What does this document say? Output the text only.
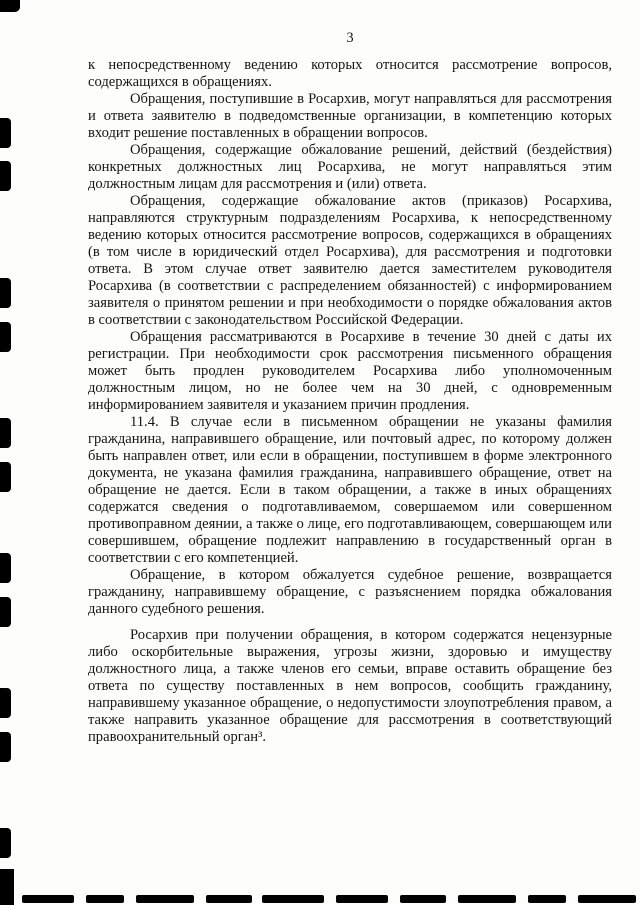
3

к непосредственному ведению которых относится рассмотрение вопросов, содержащихся в обращениях.

Обращения, поступившие в Росархив, могут направляться для рассмотрения и ответа заявителю в подведомственные организации, в компетенцию которых входит решение поставленных в обращении вопросов.

Обращения, содержащие обжалование решений, действий (бездействия) конкретных должностных лиц Росархива, не могут направляться этим должностным лицам для рассмотрения и (или) ответа.

Обращения, содержащие обжалование актов (приказов) Росархива, направляются структурным подразделениям Росархива, к непосредственному ведению которых относится рассмотрение вопросов, содержащихся в обращениях (в том числе в юридический отдел Росархива), для рассмотрения и подготовки ответа. В этом случае ответ заявителю дается заместителем руководителя Росархива (в соответствии с распределением обязанностей) с информированием заявителя о принятом решении и при необходимости о порядке обжалования актов в соответствии с законодательством Российской Федерации.

Обращения рассматриваются в Росархиве в течение 30 дней с даты их регистрации. При необходимости срок рассмотрения письменного обращения может быть продлен руководителем Росархива либо уполномоченным должностным лицом, но не более чем на 30 дней, с одновременным информированием заявителя и указанием причин продления.

11.4. В случае если в письменном обращении не указаны фамилия гражданина, направившего обращение, или почтовый адрес, по которому должен быть направлен ответ, или если в обращении, поступившем в форме электронного документа, не указана фамилия гражданина, направившего обращение, ответ на обращение не дается. Если в таком обращении, а также в иных обращениях содержатся сведения о подготавливаемом, совершаемом или совершенном противоправном деянии, а также о лице, его подготавливающем, совершающем или совершившем, обращение подлежит направлению в государственный орган в соответствии с его компетенцией.

Обращение, в котором обжалуется судебное решение, возвращается гражданину, направившему обращение, с разъяснением порядка обжалования данного судебного решения.

Росархив при получении обращения, в котором содержатся нецензурные либо оскорбительные выражения, угрозы жизни, здоровью и имуществу должностного лица, а также членов его семьи, вправе оставить обращение без ответа по существу поставленных в нем вопросов, сообщить гражданину, направившему указанное обращение, о недопустимости злоупотребления правом, а также направить указанное обращение для рассмотрения в соответствующий правоохранительный орган³.
